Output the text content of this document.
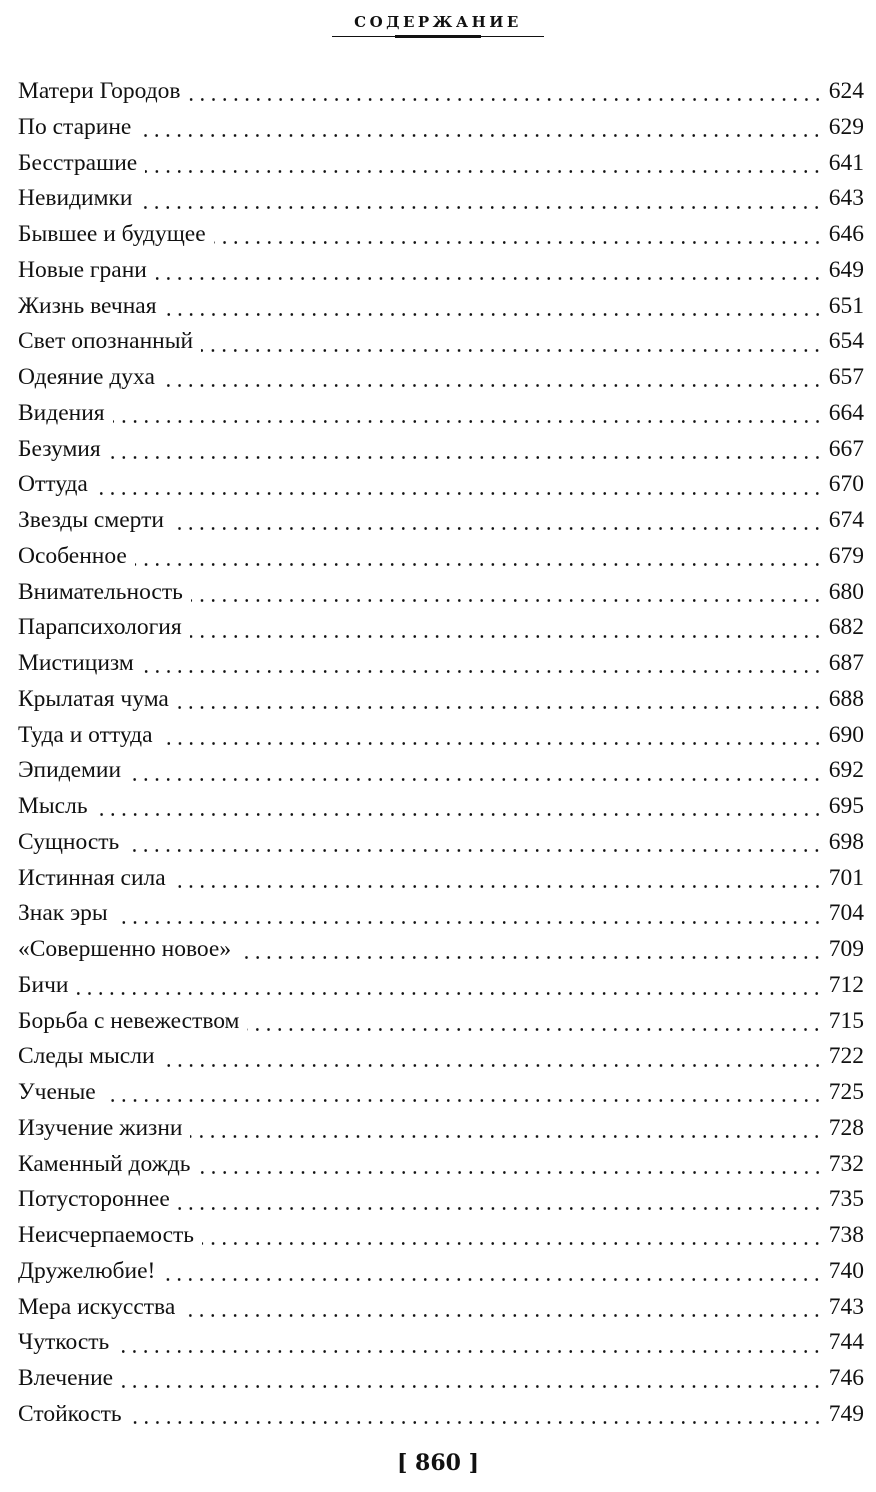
СОДЕРЖАНИЕ
Матери Городов	624
По старине	629
Бесстрашие	641
Невидимки	643
Бывшее и будущее	646
Новые грани	649
Жизнь вечная	651
Свет опознанный	654
Одеяние духа	657
Видения	664
Безумия	667
Оттуда	670
Звезды смерти	674
Особенное	679
Внимательность	680
Парапсихология	682
Мистицизм	687
Крылатая чума	688
Туда и оттуда	690
Эпидемии	692
Мысль	695
Сущность	698
Истинная сила	701
Знак эры	704
«Совершенно новое»	709
Бичи	712
Борьба с невежеством	715
Следы мысли	722
Ученые	725
Изучение жизни	728
Каменный дождь	732
Потустороннее	735
Неисчерпаемость	738
Дружелюбие!	740
Мера искусства	743
Чуткость	744
Влечение	746
Стойкость	749
[ 860 ]
